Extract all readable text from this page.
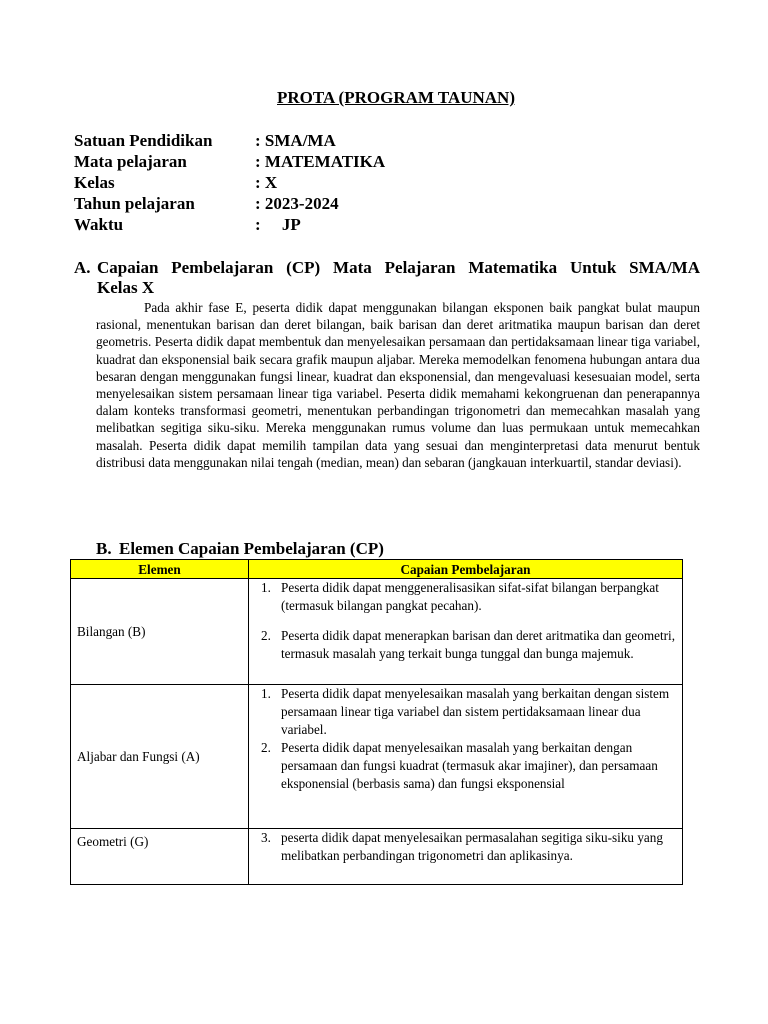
PROTA (PROGRAM TAUNAN)
Satuan Pendidikan	: SMA/MA
Mata pelajaran	: MATEMATIKA
Kelas	: X
Tahun pelajaran	: 2023-2024
Waktu	:     JP
A. Capaian Pembelajaran (CP) Mata Pelajaran Matematika Untuk SMA/MA
Kelas X

Pada akhir fase E, peserta didik dapat menggunakan bilangan eksponen baik pangkat bulat maupun rasional, menentukan barisan dan deret bilangan, baik barisan dan deret aritmatika maupun barisan dan deret geometris. Peserta didik dapat membentuk dan menyelesaikan persamaan dan pertidaksamaan linear tiga variabel, kuadrat dan eksponensial baik secara grafik maupun aljabar. Mereka memodelkan fenomena hubungan antara dua besaran dengan menggunakan fungsi linear, kuadrat dan eksponensial, dan mengevaluasi kesesuaian model, serta menyelesaikan sistem persamaan linear tiga variabel. Peserta didik memahami kekongruenan dan penerapannya dalam konteks transformasi geometri, menentukan perbandingan trigonometri dan memecahkan masalah yang melibatkan segitiga siku-siku. Mereka menggunakan rumus volume dan luas permukaan untuk memecahkan masalah. Peserta didik dapat memilih tampilan data yang sesuai dan menginterpretasi data menurut bentuk distribusi data menggunakan nilai tengah (median, mean) dan sebaran (jangkauan interkuartil, standar deviasi).

B. Elemen Capaian Pembelajaran (CP)
Elemen	Capaian Pembelajaran
Bilangan (B)	1. Peserta didik dapat menggeneralisasikan sifat-sifat bilangan berpangkat (termasuk bilangan pangkat pecahan).
2. Peserta didik dapat menerapkan barisan dan deret aritmatika dan geometri, termasuk masalah yang terkait bunga tunggal dan bunga majemuk.

Aljabar dan Fungsi (A)	1. Peserta didik dapat menyelesaikan masalah yang berkaitan dengan sistem persamaan linear tiga variabel dan sistem pertidaksamaan linear dua variabel.
2. Peserta didik dapat menyelesaikan masalah yang berkaitan dengan persamaan dan fungsi kuadrat (termasuk akar imajiner), dan persamaan eksponensial (berbasis sama) dan fungsi eksponensial

Geometri (G)	3. peserta didik dapat menyelesaikan permasalahan segitiga siku-siku yang melibatkan perbandingan trigonometri dan aplikasinya.
